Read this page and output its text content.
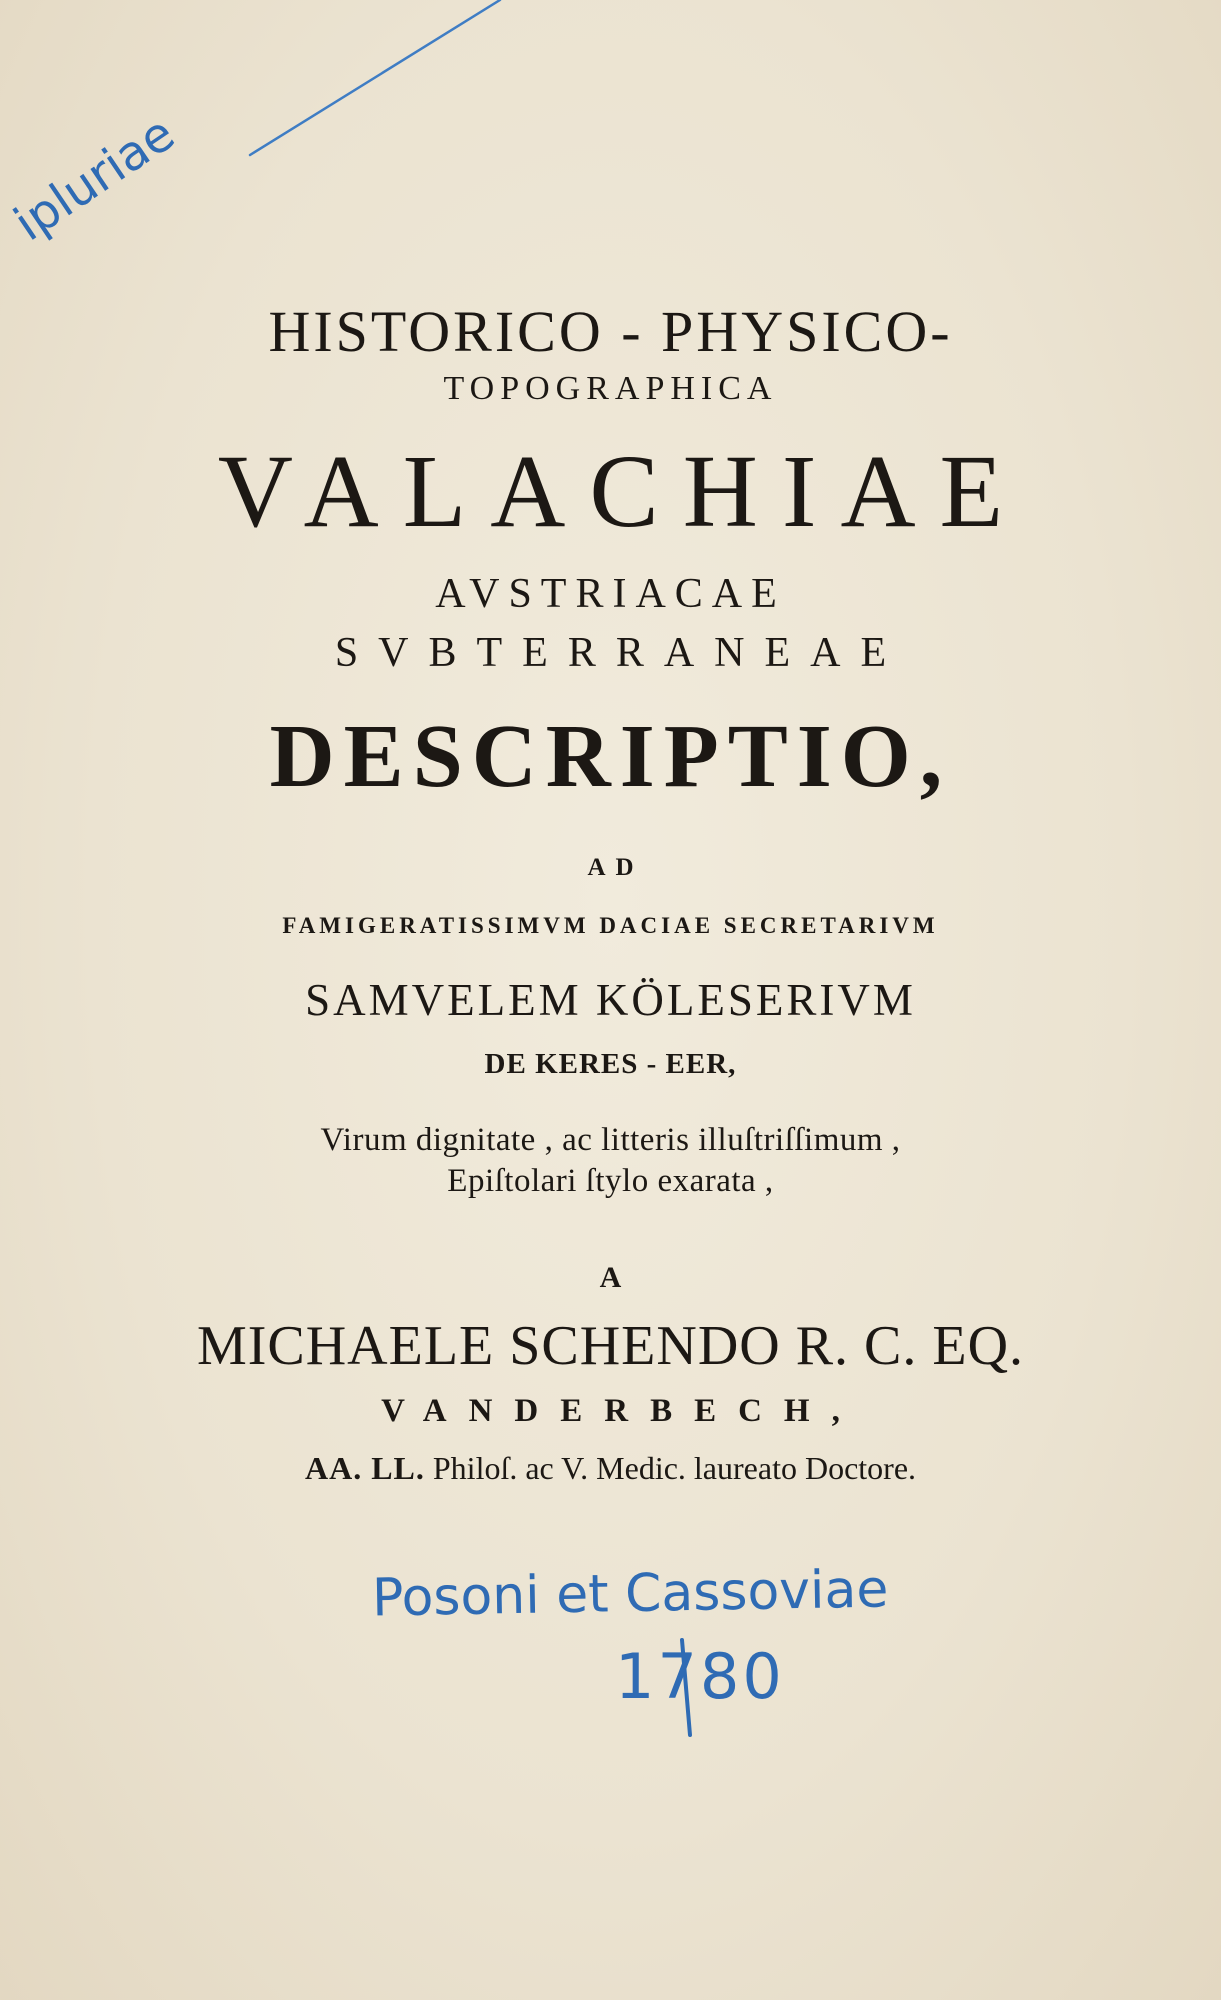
HISTORICO - PHYSICO-
TOPOGRAPHICA
VALACHIAE
AVSTRIACAE
SVBTERRANEAE
DESCRIPTIO,
AD
FAMIGERATISSIMVM DACIAE SECRETARIVM
SAMVELEM KÖLESERIVM
DE KERES - EER,
Virum dignitate , ac litteris illuſtriſſimum ,
Epiſtolari ſtylo exarata ,
A
MICHAELE SCHENDO R. C. EQ.
VANDERBECH,
AA. LL. Philoſ. ac V. Medic. laureato Doctore.

ipluriae

Posoni et Cassoviae

1780
